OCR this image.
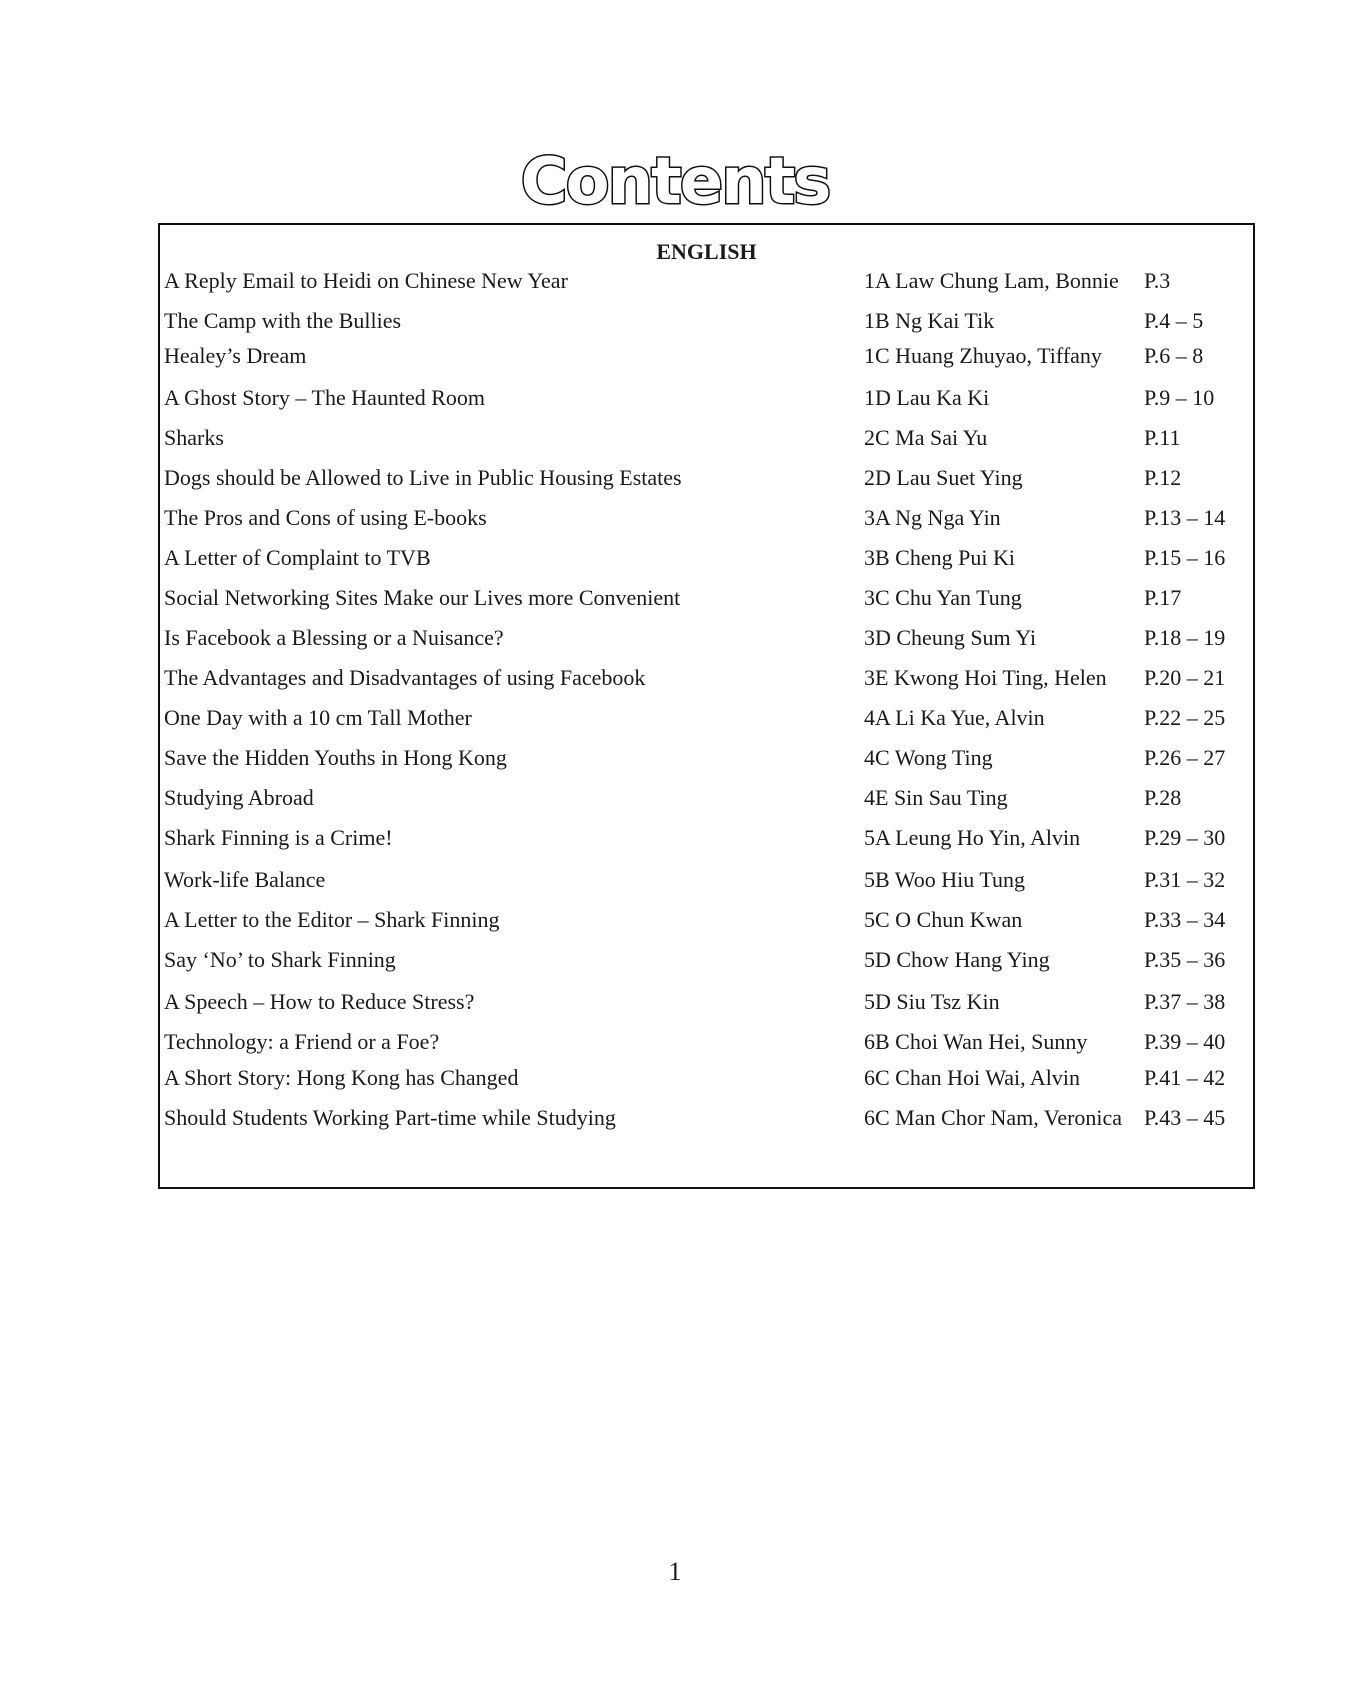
Contents
ENGLISH
A Reply Email to Heidi on Chinese New Year	1A Law Chung Lam, Bonnie P.3
The Camp with the Bullies	1B Ng Kai Tik	P.4 – 5
Healey’s Dream	1C Huang Zhuyao, Tiffany P.6 – 8
A Ghost Story – The Haunted Room	1D Lau Ka Ki	P.9 – 10
Sharks	2C Ma Sai Yu	P.11
Dogs should be Allowed to Live in Public Housing Estates	2D Lau Suet Ying	P.12
The Pros and Cons of using E-books	3A Ng Nga Yin	P.13 – 14
A Letter of Complaint to TVB	3B Cheng Pui Ki	P.15 – 16
Social Networking Sites Make our Lives more Convenient	3C Chu Yan Tung	P.17
Is Facebook a Blessing or a Nuisance?	3D Cheung Sum Yi	P.18 – 19
The Advantages and Disadvantages of using Facebook	3E Kwong Hoi Ting, Helen P.20 – 21
One Day with a 10 cm Tall Mother	4A Li Ka Yue, Alvin	P.22 – 25
Save the Hidden Youths in Hong Kong	4C Wong Ting	P.26 – 27
Studying Abroad	4E Sin Sau Ting	P.28
Shark Finning is a Crime!	5A Leung Ho Yin, Alvin	P.29 – 30
Work-life Balance	5B Woo Hiu Tung	P.31 – 32
A Letter to the Editor – Shark Finning	5C O Chun Kwan	P.33 – 34
Say ‘No’ to Shark Finning	5D Chow Hang Ying	P.35 – 36
A Speech – How to Reduce Stress?	5D Siu Tsz Kin	P.37 – 38
Technology: a Friend or a Foe?	6B Choi Wan Hei, Sunny	P.39 – 40
A Short Story: Hong Kong has Changed	6C Chan Hoi Wai, Alvin	P.41 – 42
Should Students Working Part-time while Studying	6C Man Chor Nam, Veronica P.43 – 45
1
